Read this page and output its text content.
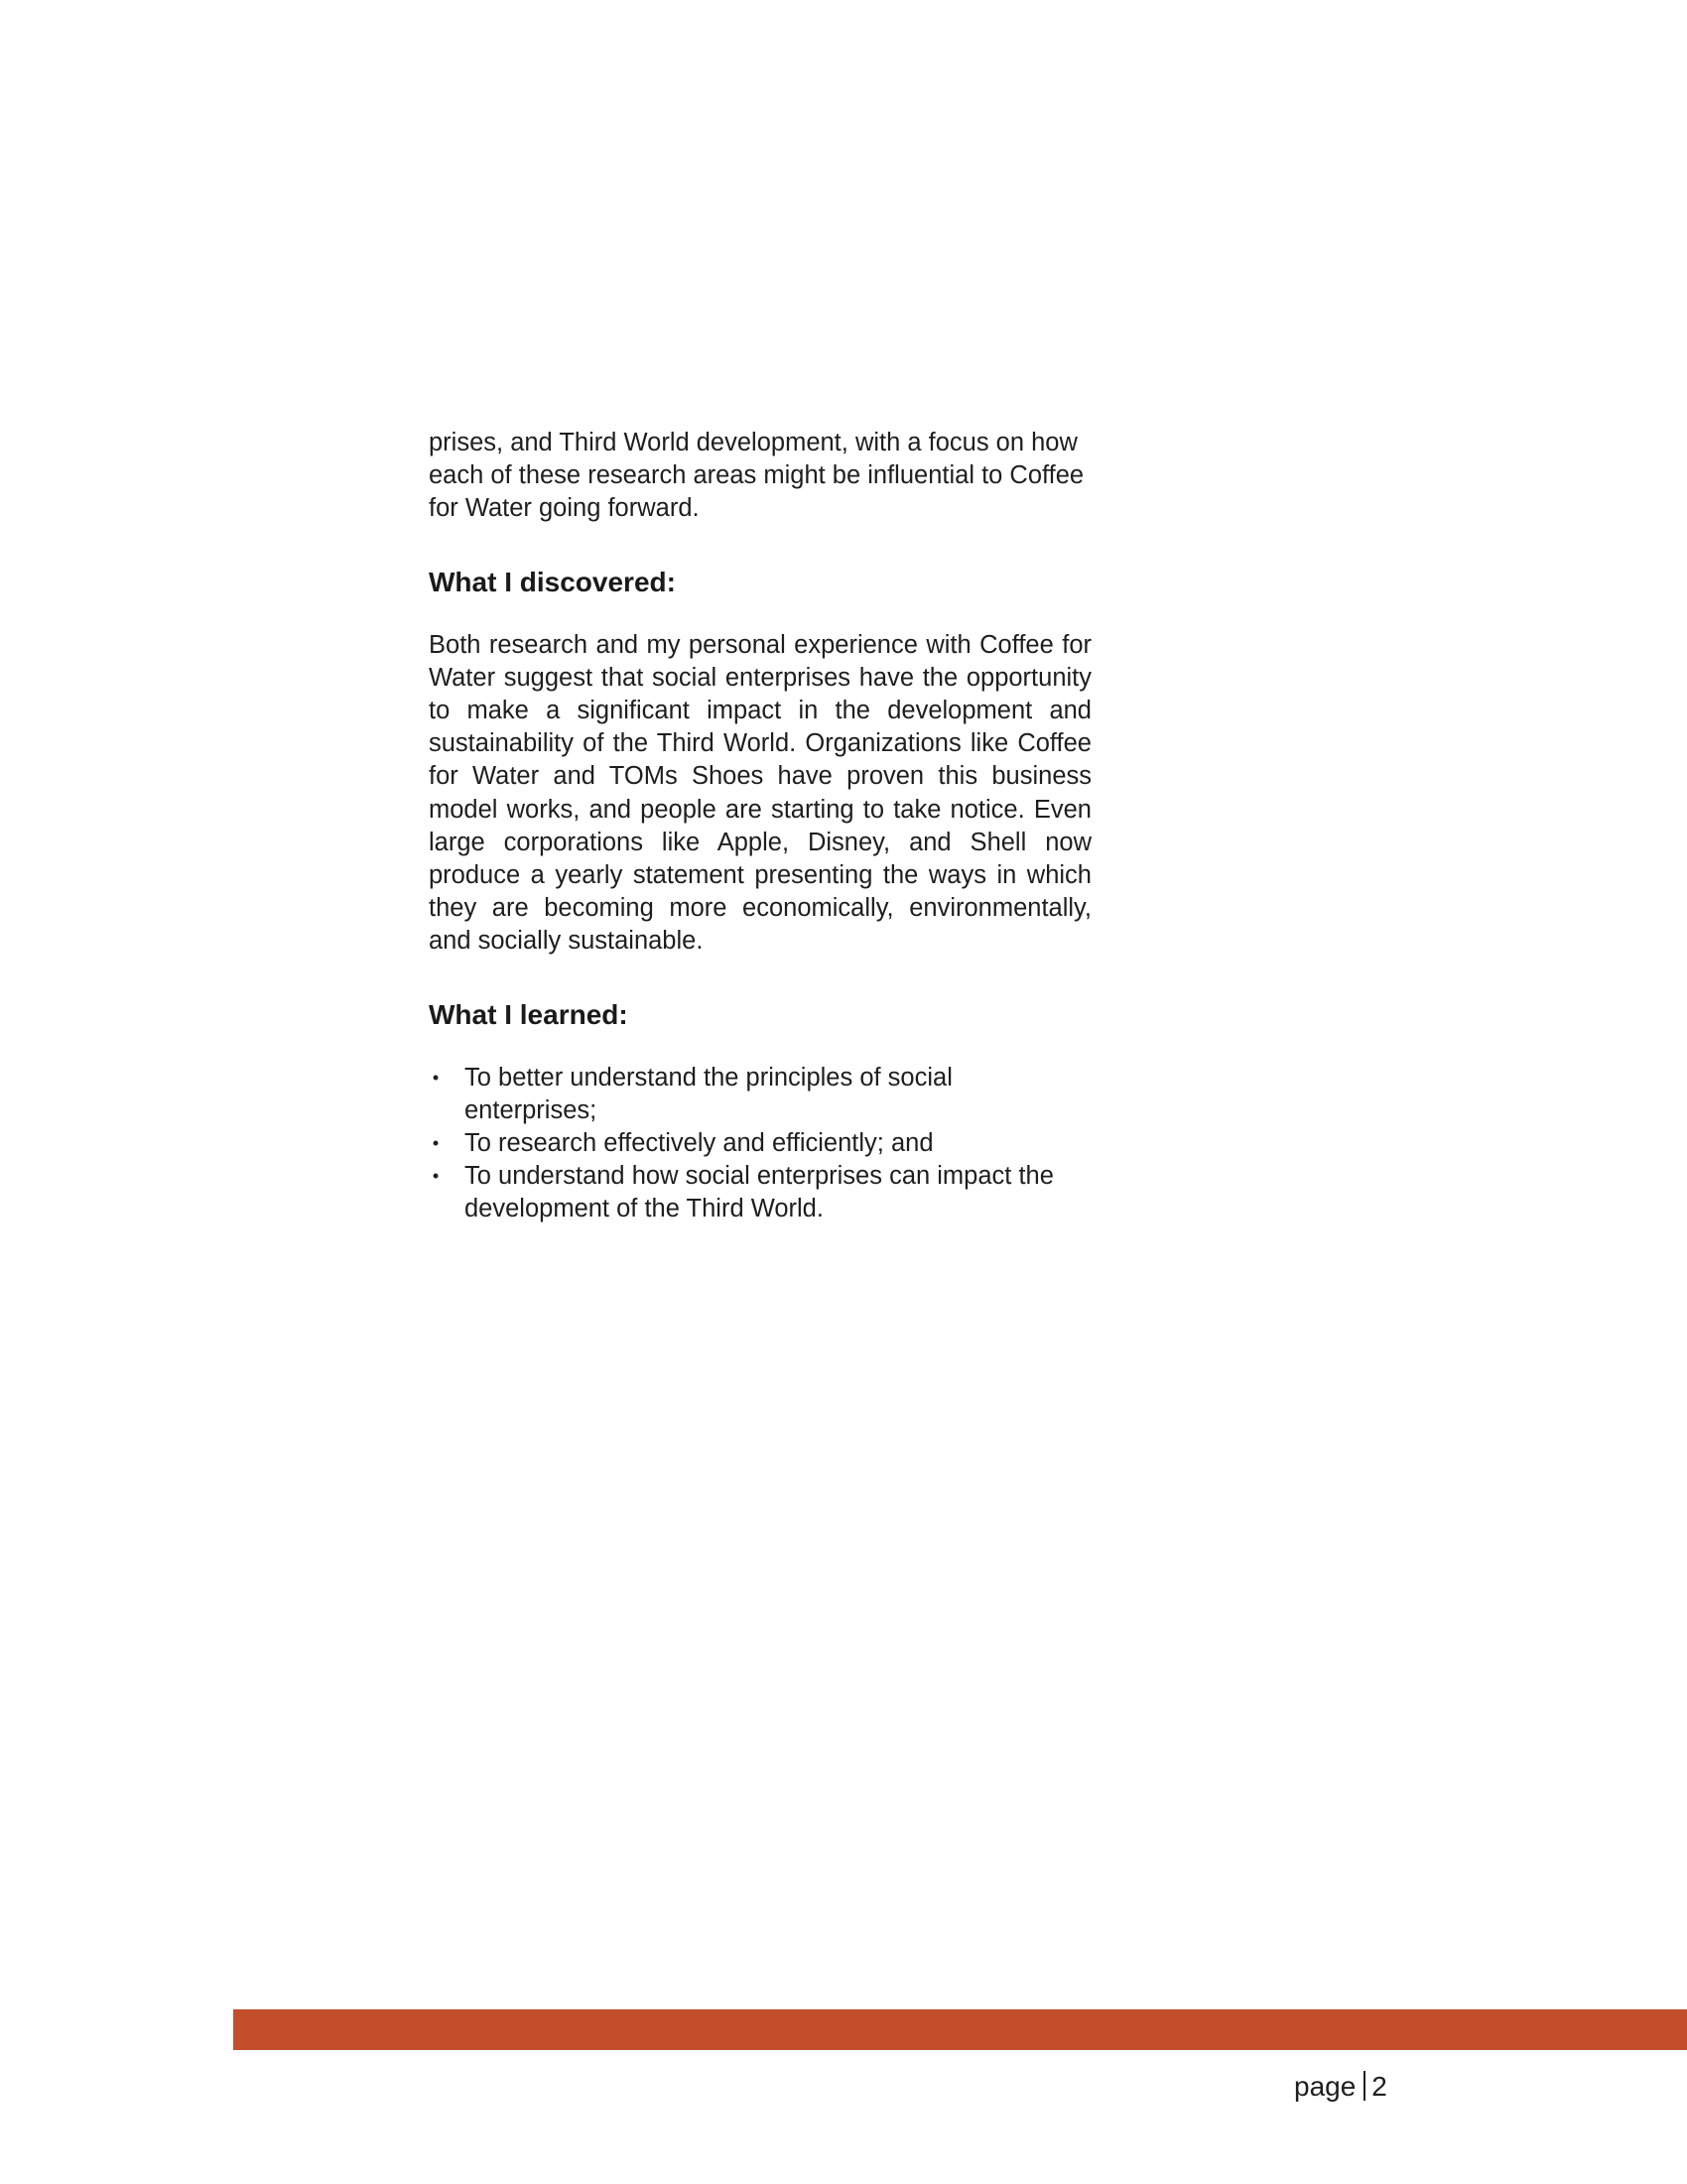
prises, and Third World development, with a focus on how each of these research areas might be influential to Coffee for Water going forward.

What I discovered:

Both research and my personal experience with Coffee for Water suggest that social enterprises have the opportunity to make a significant impact in the development and sustainability of the Third World. Organizations like Coffee for Water and TOMs Shoes have proven this business model works, and people are starting to take notice. Even large corporations like Apple, Disney, and Shell now produce a yearly statement presenting the ways in which they are becoming more economically, environmentally, and socially sustainable.

What I learned:
• To better understand the principles of social enterprises;
• To research effectively and efficiently; and
• To understand how social enterprises can impact the development of the Third World.
page 2
